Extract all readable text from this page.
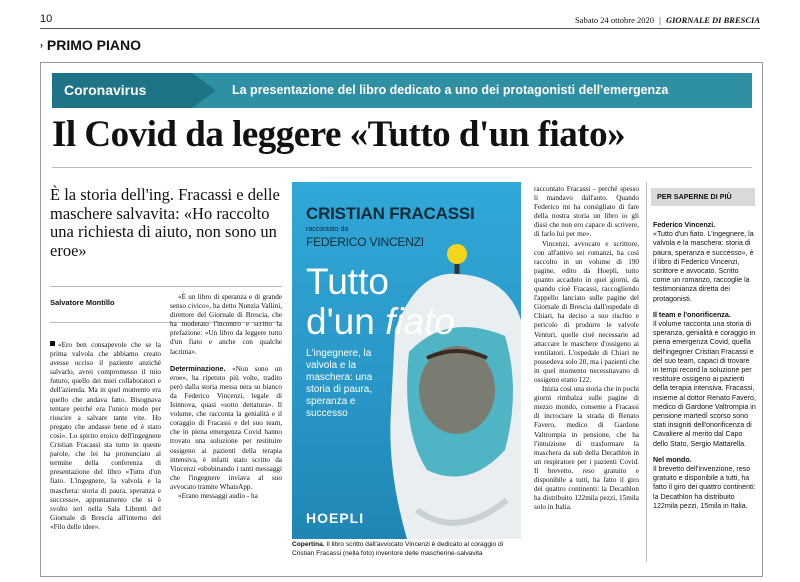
10	Sabato 24 ottobre 2020 | GIORNALE DI BRESCIA
› PRIMO PIANO
Coronavirus	La presentazione del libro dedicato a uno dei protagonisti dell'emergenza
Il Covid da leggere «Tutto d'un fiato»
È la storia dell'ing. Fracassi e delle maschere salvavita: «Ho raccolto una richiesta di aiuto, non sono un eroe»
Salvatore Montillo

«Ero ben consapevole che se la prima valvola che abbiamo creato avesse ucciso il paziente anziché salvarlo, avrei compromesso il mio futuro, quello dei miei collaboratori e dell'azienda. Ma in quel momento era quello che andava fatto. Bisognava tentare perché era l'unico modo per riuscire a salvare tante vite. Ho pregato che andasse bene ed è stato così». Lo spirito eroico dell'ingegnere Cristian Fracassi sta tutto in queste parole, che lei ha pronunciato al termine della conferenza di presentazione del libro «Tutto d'un fiato. L'ingegnere, la valvola e la maschera: storia di paura, speranza e successo», appuntamento che si è svolto ieri nella Sala Libretti del Giornale di Brescia all'interno del «Filo delle idee».

«È un libro di speranza e di grande senso civico», ha detto Nunzia Vallini, direttore del Giornale di Brescia, che ha moderato l'incontro e scritto la prefazione: «Un libro da leggere tutto d'un fiato e anche con qualche lacrima».

Determinazione. «Non sono un eroe», ha ripetuto più volte, tradito però dalla storia messa nera su bianco da Federico Vincenzi, legale di Isinnova, quasi «sotto dettatura». Il volume, che racconta la genialità e il coraggio di Fracassi e del suo team, che in piena emergenza Covid hanno trovato una soluzione per restituire ossigeno ai pazienti della terapia intensiva, è infatti stato scritto da Vincenzi «sbobinando i tanti messaggi che l'ingegnere inviava al suo avvocato tramite WhatsApp.

«Erano messaggi audio - ha

CRISTIAN FRACASSI
raccontato da
FEDERICO VINCENZI
Tutto
d'un fiato
L'ingegnere, la valvola e la maschera: una storia di paura, speranza e successo
HOEPLI
Copertina. Il libro scritto dall'avvocato Vincenzi è dedicato al coraggio di Cristian Fracassi (nella foto) inventore delle mascherine-salvavita

raccontato Fracassi - perché spesso li mandavo dall'auto. Quando Federico mi ha consigliato di fare della nostra storia un libro io gli dissi che non ero capace di scrivere, di farlo lui per me».

Vincenzi, avvocato e scrittore, con all'attivo sei romanzi, ha così raccolto in un volume di 190 pagine, edito da Hoepli, tutto quanto accaduto in quei giorni, da quando cioè Fracassi, raccogliendo l'appello lanciato sulle pagine del Giornale di Brescia dall'ospedale di Chiari, ha deciso a suo rischio e pericolo di produrre le valvole Venturi, quelle cioè necessarie ad attaccare le maschere d'ossigeno ai ventilatori. L'ospedale di Chiari ne possedeva solo 20, ma i pazienti che in quel momento necessitavano di ossigeno erano 122.

Inizia così una storia che in pochi giorni rimbalza sulle pagine di mezzo mondo, consente a Fracassi di incrociare la strada di Renato Favero, medico di Gardone Valtrompia in pensione, che ha l'intuizione di trasformare la maschera da sub della Decathlon in un respiratore per i pazienti Covid. Il brevetto, reso gratuito e disponibile a tutti, ha fatto il giro dei quattro continenti: la Decathlon ha distribuito 122mila pezzi, 15mila solo in Italia.

PER SAPERNE DI PIÙ
Federico Vincenzi.
«Tutto d'un fiato. L'ingegnere, la valvola e la maschera: storia di paura, speranza e successo», è il libro di Federico Vincenzi, scrittore e avvocato. Scritto come un romanzo, raccoglie la testimonianza diretta dei protagonisti.
Il team e l'onorificenza.
Il volume racconta una storia di speranza, genialità e coraggio in piena emergenza Covid, quella dell'ingegner Cristian Fracassi e del suo team, capaci di trovare in tempi record la soluzione per restituire ossigeno ai pazienti della terapia intensiva. Fracassi, insieme al dottor Renato Favero, medico di Gardone Valtrompia in pensione martedì scorso sono stati insigniti dell'onorificenza di Cavaliere al merito dal Capo dello Stato, Sergio Mattarella.
Nel mondo.
Il brevetto dell'invenzione, reso gratuito e disponibile a tutti, ha fatto il giro dei quattro continenti: la Decathlon ha distribuito 122mila pezzi, 15mila in Italia.
